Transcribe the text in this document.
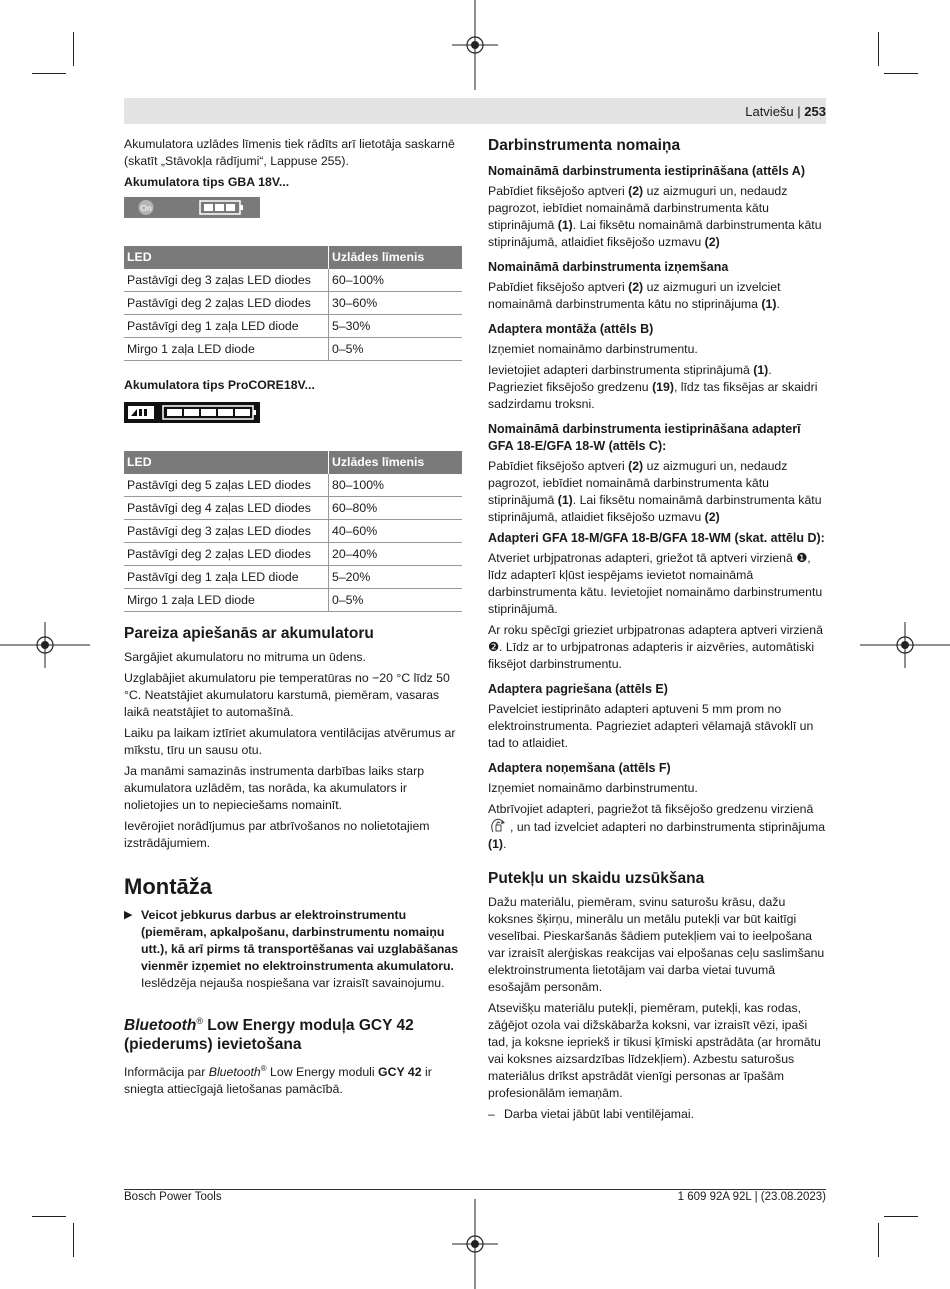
Latviešu | 253

Akumulatora uzlādes līmenis tiek rādīts arī lietotāja saskarnē (skatīt „Stāvokļa rādījumi“, Lappuse 255).

Akumulatora tips GBA 18V...
On
LED	Uzlādes līmenis
Pastāvīgi deg 3 zaļas LED diodes	60–100%
Pastāvīgi deg 2 zaļas LED diodes	30–60%
Pastāvīgi deg 1 zaļa LED diode	5–30%
Mirgo 1 zaļa LED diode	0–5%
Akumulatora tips ProCORE18V...
LED	Uzlādes līmenis
Pastāvīgi deg 5 zaļas LED diodes	80–100%
Pastāvīgi deg 4 zaļas LED diodes	60–80%
Pastāvīgi deg 3 zaļas LED diodes	40–60%
Pastāvīgi deg 2 zaļas LED diodes	20–40%
Pastāvīgi deg 1 zaļa LED diode	5–20%
Mirgo 1 zaļa LED diode	0–5%
Pareiza apiešanās ar akumulatoru

Sargājiet akumulatoru no mitruma un ūdens.

Uzglabājiet akumulatoru pie temperatūras no −20 °C līdz 50 °C. Neatstājiet akumulatoru karstumā, piemēram, vasaras laikā neatstājiet to automašīnā.

Laiku pa laikam iztīriet akumulatora ventilācijas atvērumus ar mīkstu, tīru un sausu otu.

Ja manāmi samazinās instrumenta darbības laiks starp akumulatora uzlādēm, tas norāda, ka akumulators ir nolietojies un to nepieciešams nomainīt.

Ievērojiet norādījumus par atbrīvošanos no nolietotajiem izstrādājumiem.

Montāža
▶ Veicot jebkurus darbus ar elektroinstrumentu (piemēram, apkalpošanu, darbinstrumentu nomaiņu utt.), kā arī pirms tā transportēšanas vai uzglabāšanas vienmēr izņemiet no elektroinstrumenta akumulatoru. Ieslēdzēja nejauša nospiešana var izraisīt savainojumu.
Bluetooth® Low Energy moduļa GCY 42 (piederums) ievietošana

Informācija par Bluetooth® Low Energy moduli GCY 42 ir sniegta attiecīgajā lietošanas pamācībā.

Darbinstrumenta nomaiņa
Nomaināmā darbinstrumenta iestiprināšana (attēls A)

Pabīdiet fiksējošo aptveri (2) uz aizmuguri un, nedaudz pagrozot, iebīdiet nomaināmā darbinstrumenta kātu stiprinājumā (1). Lai fiksētu nomaināmā darbinstrumenta kātu stiprinājumā, atlaidiet fiksējošo uzmavu (2)

Nomaināmā darbinstrumenta izņemšana

Pabīdiet fiksējošo aptveri (2) uz aizmuguri un izvelciet nomaināmā darbinstrumenta kātu no stiprinājuma (1).

Adaptera montāža (attēls B)

Izņemiet nomaināmo darbinstrumentu.

Ievietojiet adapteri darbinstrumenta stiprinājumā (1). Pagrieziet fiksējošo gredzenu (19), līdz tas fiksējas ar skaidri sadzirdamu troksni.

Nomaināmā darbinstrumenta iestiprināšana adapterī GFA 18-E/GFA 18-W (attēls C):

Pabīdiet fiksējošo aptveri (2) uz aizmuguri un, nedaudz pagrozot, iebīdiet nomaināmā darbinstrumenta kātu stiprinājumā (1). Lai fiksētu nomaināmā darbinstrumenta kātu stiprinājumā, atlaidiet fiksējošo uzmavu (2)

Adapteri GFA 18-M/GFA 18-B/GFA 18-WM (skat. attēlu D):

Atveriet urbjpatronas adapteri, griežot tā aptveri virzienā ❶, līdz adapterī kļūst iespējams ievietot nomaināmā darbinstrumenta kātu. Ievietojiet nomaināmo darbinstrumentu stiprinājumā.

Ar roku spēcīgi grieziet urbjpatronas adaptera aptveri virzienā ❷. Līdz ar to urbjpatronas adapteris ir aizvēries, automātiski fiksējot darbinstrumentu.

Adaptera pagriešana (attēls E)

Pavelciet iestiprināto adapteri aptuveni 5 mm prom no elektroinstrumenta. Pagrieziet adapteri vēlamajā stāvoklī un tad to atlaidiet.

Adaptera noņemšana (attēls F)

Izņemiet nomaināmo darbinstrumentu.

Atbrīvojiet adapteri, pagriežot tā fiksējošo gredzenu virzienā , un tad izvelciet adapteri no darbinstrumenta stiprinājuma (1).

Putekļu un skaidu uzsūkšana

Dažu materiālu, piemēram, svinu saturošu krāsu, dažu koksnes šķirņu, minerālu un metālu putekļi var būt kaitīgi veselībai. Pieskaršanās šādiem putekļiem vai to ieelpošana var izraisīt alerģiskas reakcijas vai elpošanas ceļu saslimšanu elektroinstrumenta lietotājam vai darba vietai tuvumā esošajām personām.

Atsevišķu materiālu putekļi, piemēram, putekļi, kas rodas, zāģējot ozola vai dižskābarža koksni, var izraisīt vēzi, ipaši tad, ja koksne iepriekš ir tikusi ķīmiski apstrādāta (ar hromātu vai koksnes aizsardzības līdzekļiem). Azbestu saturošus materiālus drīkst apstrādāt vienīgi personas ar īpašām profesionālām iemaņām.

– Darba vietai jābūt labi ventilējamai.
Bosch Power Tools	1 609 92A 92L | (23.08.2023)
